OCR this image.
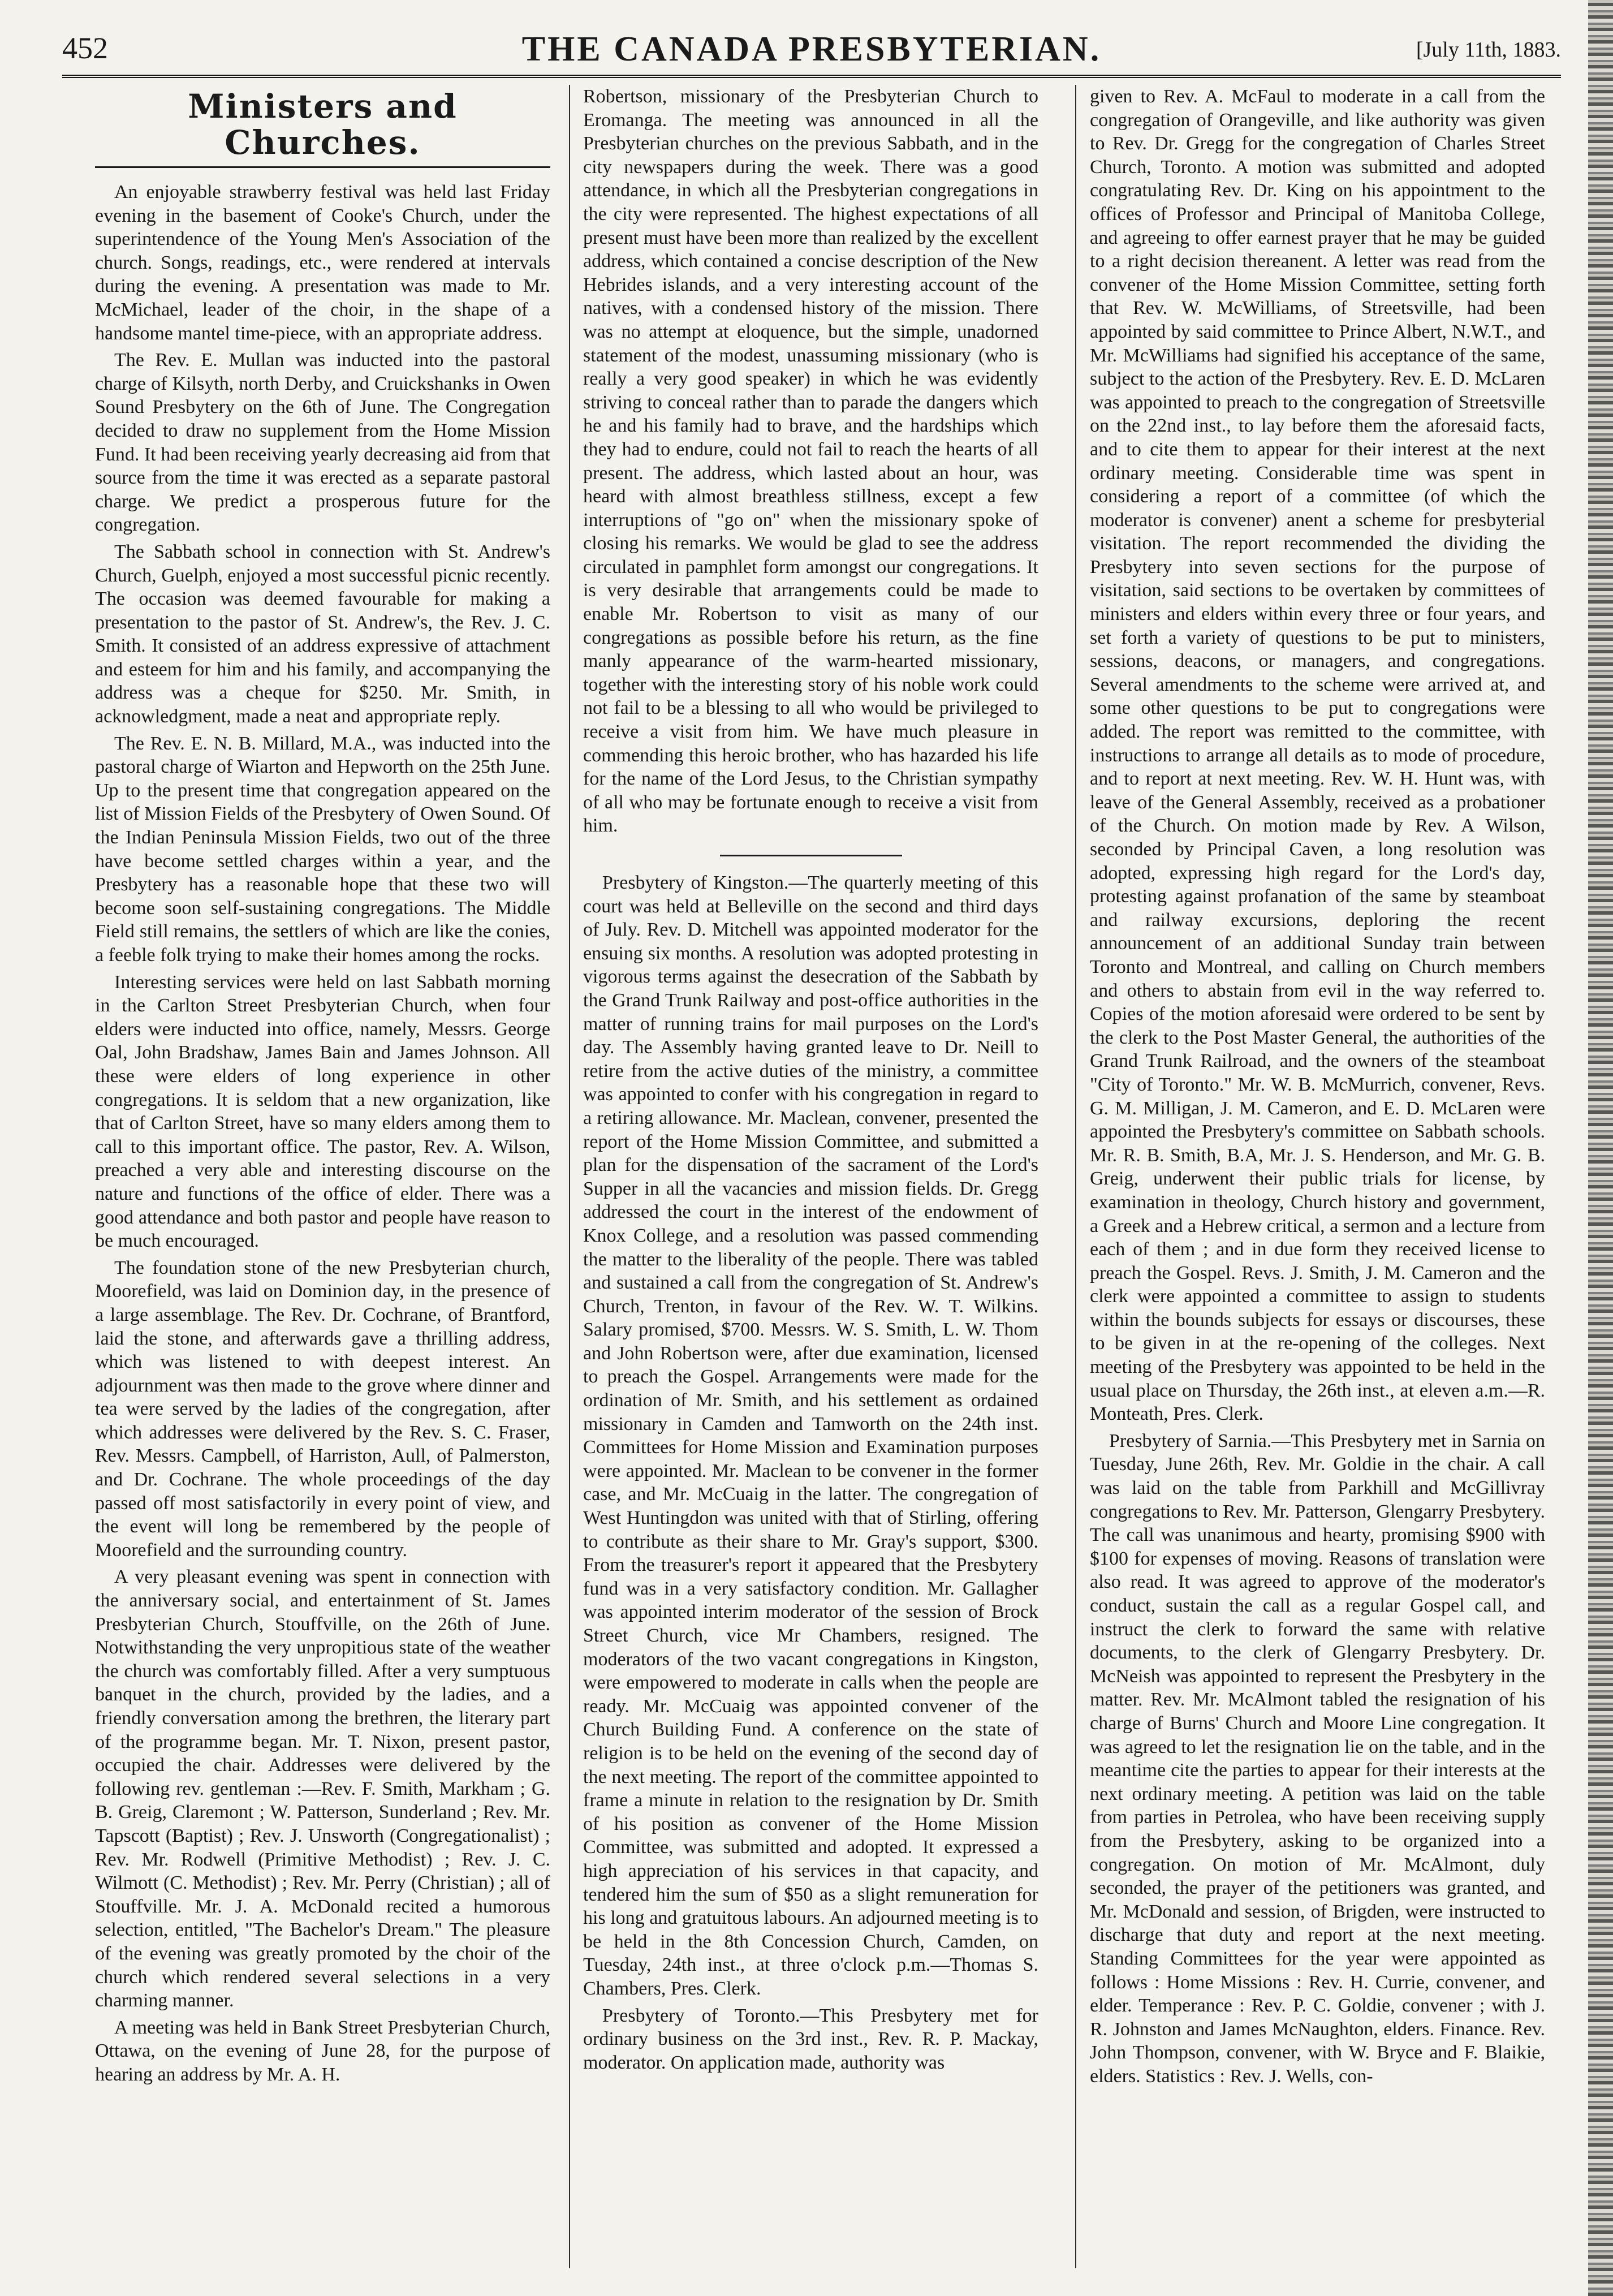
452	THE CANADA PRESBYTERIAN.	[July 11th, 1883.
Ministers and Churches.

An enjoyable strawberry festival was held last Friday evening in the basement of Cooke's Church, under the superintendence of the Young Men's Association of the church. Songs, readings, etc., were rendered at intervals during the evening. A presentation was made to Mr. McMichael, leader of the choir, in the shape of a handsome mantel time-piece, with an appropriate address.

The Rev. E. Mullan was inducted into the pastoral charge of Kilsyth, north Derby, and Cruickshanks in Owen Sound Presbytery on the 6th of June. The Congregation decided to draw no supplement from the Home Mission Fund. It had been receiving yearly decreasing aid from that source from the time it was erected as a separate pastoral charge. We predict a prosperous future for the congregation.

The Sabbath school in connection with St. Andrew's Church, Guelph, enjoyed a most successful picnic recently. The occasion was deemed favourable for making a presentation to the pastor of St. Andrew's, the Rev. J. C. Smith. It consisted of an address expressive of attachment and esteem for him and his family, and accompanying the address was a cheque for $250. Mr. Smith, in acknowledgment, made a neat and appropriate reply.

The Rev. E. N. B. Millard, M.A., was inducted into the pastoral charge of Wiarton and Hepworth on the 25th June. Up to the present time that congregation appeared on the list of Mission Fields of the Presbytery of Owen Sound. Of the Indian Peninsula Mission Fields, two out of the three have become settled charges within a year, and the Presbytery has a reasonable hope that these two will become soon self-sustaining congregations. The Middle Field still remains, the settlers of which are like the conies, a feeble folk trying to make their homes among the rocks.

Interesting services were held on last Sabbath morning in the Carlton Street Presbyterian Church, when four elders were inducted into office, namely, Messrs. George Oal, John Bradshaw, James Bain and James Johnson. All these were elders of long experience in other congregations. It is seldom that a new organization, like that of Carlton Street, have so many elders among them to call to this important office. The pastor, Rev. A. Wilson, preached a very able and interesting discourse on the nature and functions of the office of elder. There was a good attendance and both pastor and people have reason to be much encouraged.

The foundation stone of the new Presbyterian church, Moorefield, was laid on Dominion day, in the presence of a large assemblage. The Rev. Dr. Cochrane, of Brantford, laid the stone, and afterwards gave a thrilling address, which was listened to with deepest interest. An adjournment was then made to the grove where dinner and tea were served by the ladies of the congregation, after which addresses were delivered by the Rev. S. C. Fraser, Rev. Messrs. Campbell, of Harriston, Aull, of Palmerston, and Dr. Cochrane. The whole proceedings of the day passed off most satisfactorily in every point of view, and the event will long be remembered by the people of Moorefield and the surrounding country.

A very pleasant evening was spent in connection with the anniversary social, and entertainment of St. James Presbyterian Church, Stouffville, on the 26th of June. Notwithstanding the very unpropitious state of the weather the church was comfortably filled. After a very sumptuous banquet in the church, provided by the ladies, and a friendly conversation among the brethren, the literary part of the programme began. Mr. T. Nixon, present pastor, occupied the chair. Addresses were delivered by the following rev. gentleman :—Rev. F. Smith, Markham ; G. B. Greig, Claremont ; W. Patterson, Sunderland ; Rev. Mr. Tapscott (Baptist) ; Rev. J. Unsworth (Congregationalist) ; Rev. Mr. Rodwell (Primitive Methodist) ; Rev. J. C. Wilmott (C. Methodist) ; Rev. Mr. Perry (Christian) ; all of Stouffville. Mr. J. A. McDonald recited a humorous selection, entitled, "The Bachelor's Dream." The pleasure of the evening was greatly promoted by the choir of the church which rendered several selections in a very charming manner.

A meeting was held in Bank Street Presbyterian Church, Ottawa, on the evening of June 28, for the purpose of hearing an address by Mr. A. H.

Robertson, missionary of the Presbyterian Church to Eromanga. The meeting was announced in all the Presbyterian churches on the previous Sabbath, and in the city newspapers during the week. There was a good attendance, in which all the Presbyterian congregations in the city were represented. The highest expectations of all present must have been more than realized by the excellent address, which contained a concise description of the New Hebrides islands, and a very interesting account of the natives, with a condensed history of the mission. There was no attempt at eloquence, but the simple, unadorned statement of the modest, unassuming missionary (who is really a very good speaker) in which he was evidently striving to conceal rather than to parade the dangers which he and his family had to brave, and the hardships which they had to endure, could not fail to reach the hearts of all present. The address, which lasted about an hour, was heard with almost breathless stillness, except a few interruptions of "go on" when the missionary spoke of closing his remarks. We would be glad to see the address circulated in pamphlet form amongst our congregations. It is very desirable that arrangements could be made to enable Mr. Robertson to visit as many of our congregations as possible before his return, as the fine manly appearance of the warm-hearted missionary, together with the interesting story of his noble work could not fail to be a blessing to all who would be privileged to receive a visit from him. We have much pleasure in commending this heroic brother, who has hazarded his life for the name of the Lord Jesus, to the Christian sympathy of all who may be fortunate enough to receive a visit from him.

Presbytery of Kingston.—The quarterly meeting of this court was held at Belleville on the second and third days of July. Rev. D. Mitchell was appointed moderator for the ensuing six months. A resolution was adopted protesting in vigorous terms against the desecration of the Sabbath by the Grand Trunk Railway and post-office authorities in the matter of running trains for mail purposes on the Lord's day. The Assembly having granted leave to Dr. Neill to retire from the active duties of the ministry, a committee was appointed to confer with his congregation in regard to a retiring allowance. Mr. Maclean, convener, presented the report of the Home Mission Committee, and submitted a plan for the dispensation of the sacrament of the Lord's Supper in all the vacancies and mission fields. Dr. Gregg addressed the court in the interest of the endowment of Knox College, and a resolution was passed commending the matter to the liberality of the people. There was tabled and sustained a call from the congregation of St. Andrew's Church, Trenton, in favour of the Rev. W. T. Wilkins. Salary promised, $700. Messrs. W. S. Smith, L. W. Thom and John Robertson were, after due examination, licensed to preach the Gospel. Arrangements were made for the ordination of Mr. Smith, and his settlement as ordained missionary in Camden and Tamworth on the 24th inst. Committees for Home Mission and Examination purposes were appointed. Mr. Maclean to be convener in the former case, and Mr. McCuaig in the latter. The congregation of West Huntingdon was united with that of Stirling, offering to contribute as their share to Mr. Gray's support, $300. From the treasurer's report it appeared that the Presbytery fund was in a very satisfactory condition. Mr. Gallagher was appointed interim moderator of the session of Brock Street Church, vice Mr Chambers, resigned. The moderators of the two vacant congregations in Kingston, were empowered to moderate in calls when the people are ready. Mr. McCuaig was appointed convener of the Church Building Fund. A conference on the state of religion is to be held on the evening of the second day of the next meeting. The report of the committee appointed to frame a minute in relation to the resignation by Dr. Smith of his position as convener of the Home Mission Committee, was submitted and adopted. It expressed a high appreciation of his services in that capacity, and tendered him the sum of $50 as a slight remuneration for his long and gratuitous labours. An adjourned meeting is to be held in the 8th Concession Church, Camden, on Tuesday, 24th inst., at three o'clock p.m.—Thomas S. Chambers, Pres. Clerk.

Presbytery of Toronto.—This Presbytery met for ordinary business on the 3rd inst., Rev. R. P. Mackay, moderator. On application made, authority was

given to Rev. A. McFaul to moderate in a call from the congregation of Orangeville, and like authority was given to Rev. Dr. Gregg for the congregation of Charles Street Church, Toronto. A motion was submitted and adopted congratulating Rev. Dr. King on his appointment to the offices of Professor and Principal of Manitoba College, and agreeing to offer earnest prayer that he may be guided to a right decision thereanent. A letter was read from the convener of the Home Mission Committee, setting forth that Rev. W. McWilliams, of Streetsville, had been appointed by said committee to Prince Albert, N.W.T., and Mr. McWilliams had signified his acceptance of the same, subject to the action of the Presbytery. Rev. E. D. McLaren was appointed to preach to the congregation of Streetsville on the 22nd inst., to lay before them the aforesaid facts, and to cite them to appear for their interest at the next ordinary meeting. Considerable time was spent in considering a report of a committee (of which the moderator is convener) anent a scheme for presbyterial visitation. The report recommended the dividing the Presbytery into seven sections for the purpose of visitation, said sections to be overtaken by committees of ministers and elders within every three or four years, and set forth a variety of questions to be put to ministers, sessions, deacons, or managers, and congregations. Several amendments to the scheme were arrived at, and some other questions to be put to congregations were added. The report was remitted to the committee, with instructions to arrange all details as to mode of procedure, and to report at next meeting. Rev. W. H. Hunt was, with leave of the General Assembly, received as a probationer of the Church. On motion made by Rev. A Wilson, seconded by Principal Caven, a long resolution was adopted, expressing high regard for the Lord's day, protesting against profanation of the same by steamboat and railway excursions, deploring the recent announcement of an additional Sunday train between Toronto and Montreal, and calling on Church members and others to abstain from evil in the way referred to. Copies of the motion aforesaid were ordered to be sent by the clerk to the Post Master General, the authorities of the Grand Trunk Railroad, and the owners of the steamboat "City of Toronto." Mr. W. B. McMurrich, convener, Revs. G. M. Milligan, J. M. Cameron, and E. D. McLaren were appointed the Presbytery's committee on Sabbath schools. Mr. R. B. Smith, B.A, Mr. J. S. Henderson, and Mr. G. B. Greig, underwent their public trials for license, by examination in theology, Church history and government, a Greek and a Hebrew critical, a sermon and a lecture from each of them ; and in due form they received license to preach the Gospel. Revs. J. Smith, J. M. Cameron and the clerk were appointed a committee to assign to students within the bounds subjects for essays or discourses, these to be given in at the re-opening of the colleges. Next meeting of the Presbytery was appointed to be held in the usual place on Thursday, the 26th inst., at eleven a.m.—R. Monteath, Pres. Clerk.

Presbytery of Sarnia.—This Presbytery met in Sarnia on Tuesday, June 26th, Rev. Mr. Goldie in the chair. A call was laid on the table from Parkhill and McGillivray congregations to Rev. Mr. Patterson, Glengarry Presbytery. The call was unanimous and hearty, promising $900 with $100 for expenses of moving. Reasons of translation were also read. It was agreed to approve of the moderator's conduct, sustain the call as a regular Gospel call, and instruct the clerk to forward the same with relative documents, to the clerk of Glengarry Presbytery. Dr. McNeish was appointed to represent the Presbytery in the matter. Rev. Mr. McAlmont tabled the resignation of his charge of Burns' Church and Moore Line congregation. It was agreed to let the resignation lie on the table, and in the meantime cite the parties to appear for their interests at the next ordinary meeting. A petition was laid on the table from parties in Petrolea, who have been receiving supply from the Presbytery, asking to be organized into a congregation. On motion of Mr. McAlmont, duly seconded, the prayer of the petitioners was granted, and Mr. McDonald and session, of Brigden, were instructed to discharge that duty and report at the next meeting. Standing Committees for the year were appointed as follows : Home Missions : Rev. H. Currie, convener, and elder. Temperance : Rev. P. C. Goldie, convener ; with J. R. Johnston and James McNaughton, elders. Finance. Rev. John Thompson, convener, with W. Bryce and F. Blaikie, elders. Statistics : Rev. J. Wells, con-
